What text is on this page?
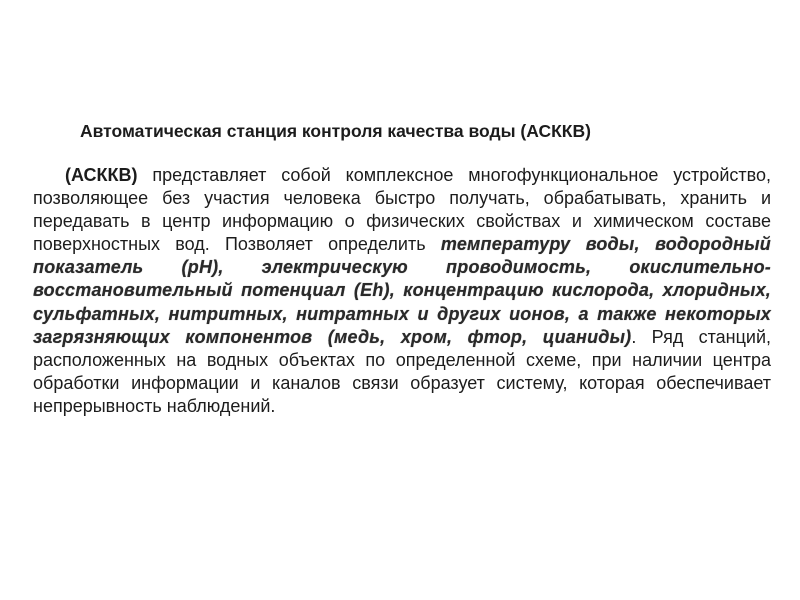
Автоматическая станция контроля качества воды (АСККВ)

(АСККВ) представляет собой комплексное многофункциональное устройство, позволяющее без участия человека быстро получать, обрабатывать, хранить и передавать в центр информацию о физических свойствах и химическом составе поверхностных вод. Позволяет определить температуру воды, водородный показатель (pH), электрическую проводимость, окислительно-восстановительный потенциал (Eh), концентрацию кислорода, хлоридных, сульфатных, нитритных, нитратных и других ионов, а также некоторых загрязняющих компонентов (медь, хром, фтор, цианиды). Ряд станций, расположенных на водных объектах по определенной схеме, при наличии центра обработки информации и каналов связи образует систему, которая обеспечивает непрерывность наблюдений.
